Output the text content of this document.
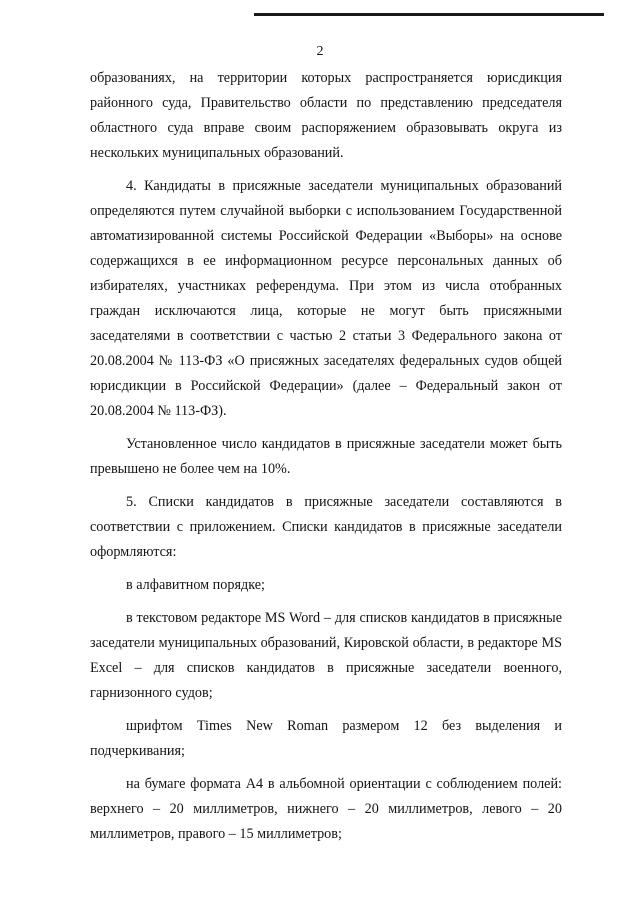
2

образованиях, на территории которых распространяется юрисдикция районного суда, Правительство области по представлению председателя областного суда вправе своим распоряжением образовывать округа из нескольких муниципальных образований.

4. Кандидаты в присяжные заседатели муниципальных образований определяются путем случайной выборки с использованием Государственной автоматизированной системы Российской Федерации «Выборы» на основе содержащихся в ее информационном ресурсе персональных данных об избирателях, участниках референдума. При этом из числа отобранных граждан исключаются лица, которые не могут быть присяжными заседателями в соответствии с частью 2 статьи 3 Федерального закона от 20.08.2004 № 113-ФЗ «О присяжных заседателях федеральных судов общей юрисдикции в Российской Федерации» (далее – Федеральный закон от 20.08.2004 № 113-ФЗ).

Установленное число кандидатов в присяжные заседатели может быть превышено не более чем на 10%.

5. Списки кандидатов в присяжные заседатели составляются в соответствии с приложением. Списки кандидатов в присяжные заседатели оформляются:

в алфавитном порядке;

в текстовом редакторе MS Word – для списков кандидатов в присяжные заседатели муниципальных образований, Кировской области, в редакторе MS Excel – для списков кандидатов в присяжные заседатели военного, гарнизонного судов;

шрифтом Times New Roman размером 12 без выделения и подчеркивания;

на бумаге формата А4 в альбомной ориентации с соблюдением полей: верхнего – 20 миллиметров, нижнего – 20 миллиметров, левого – 20 миллиметров, правого – 15 миллиметров;
